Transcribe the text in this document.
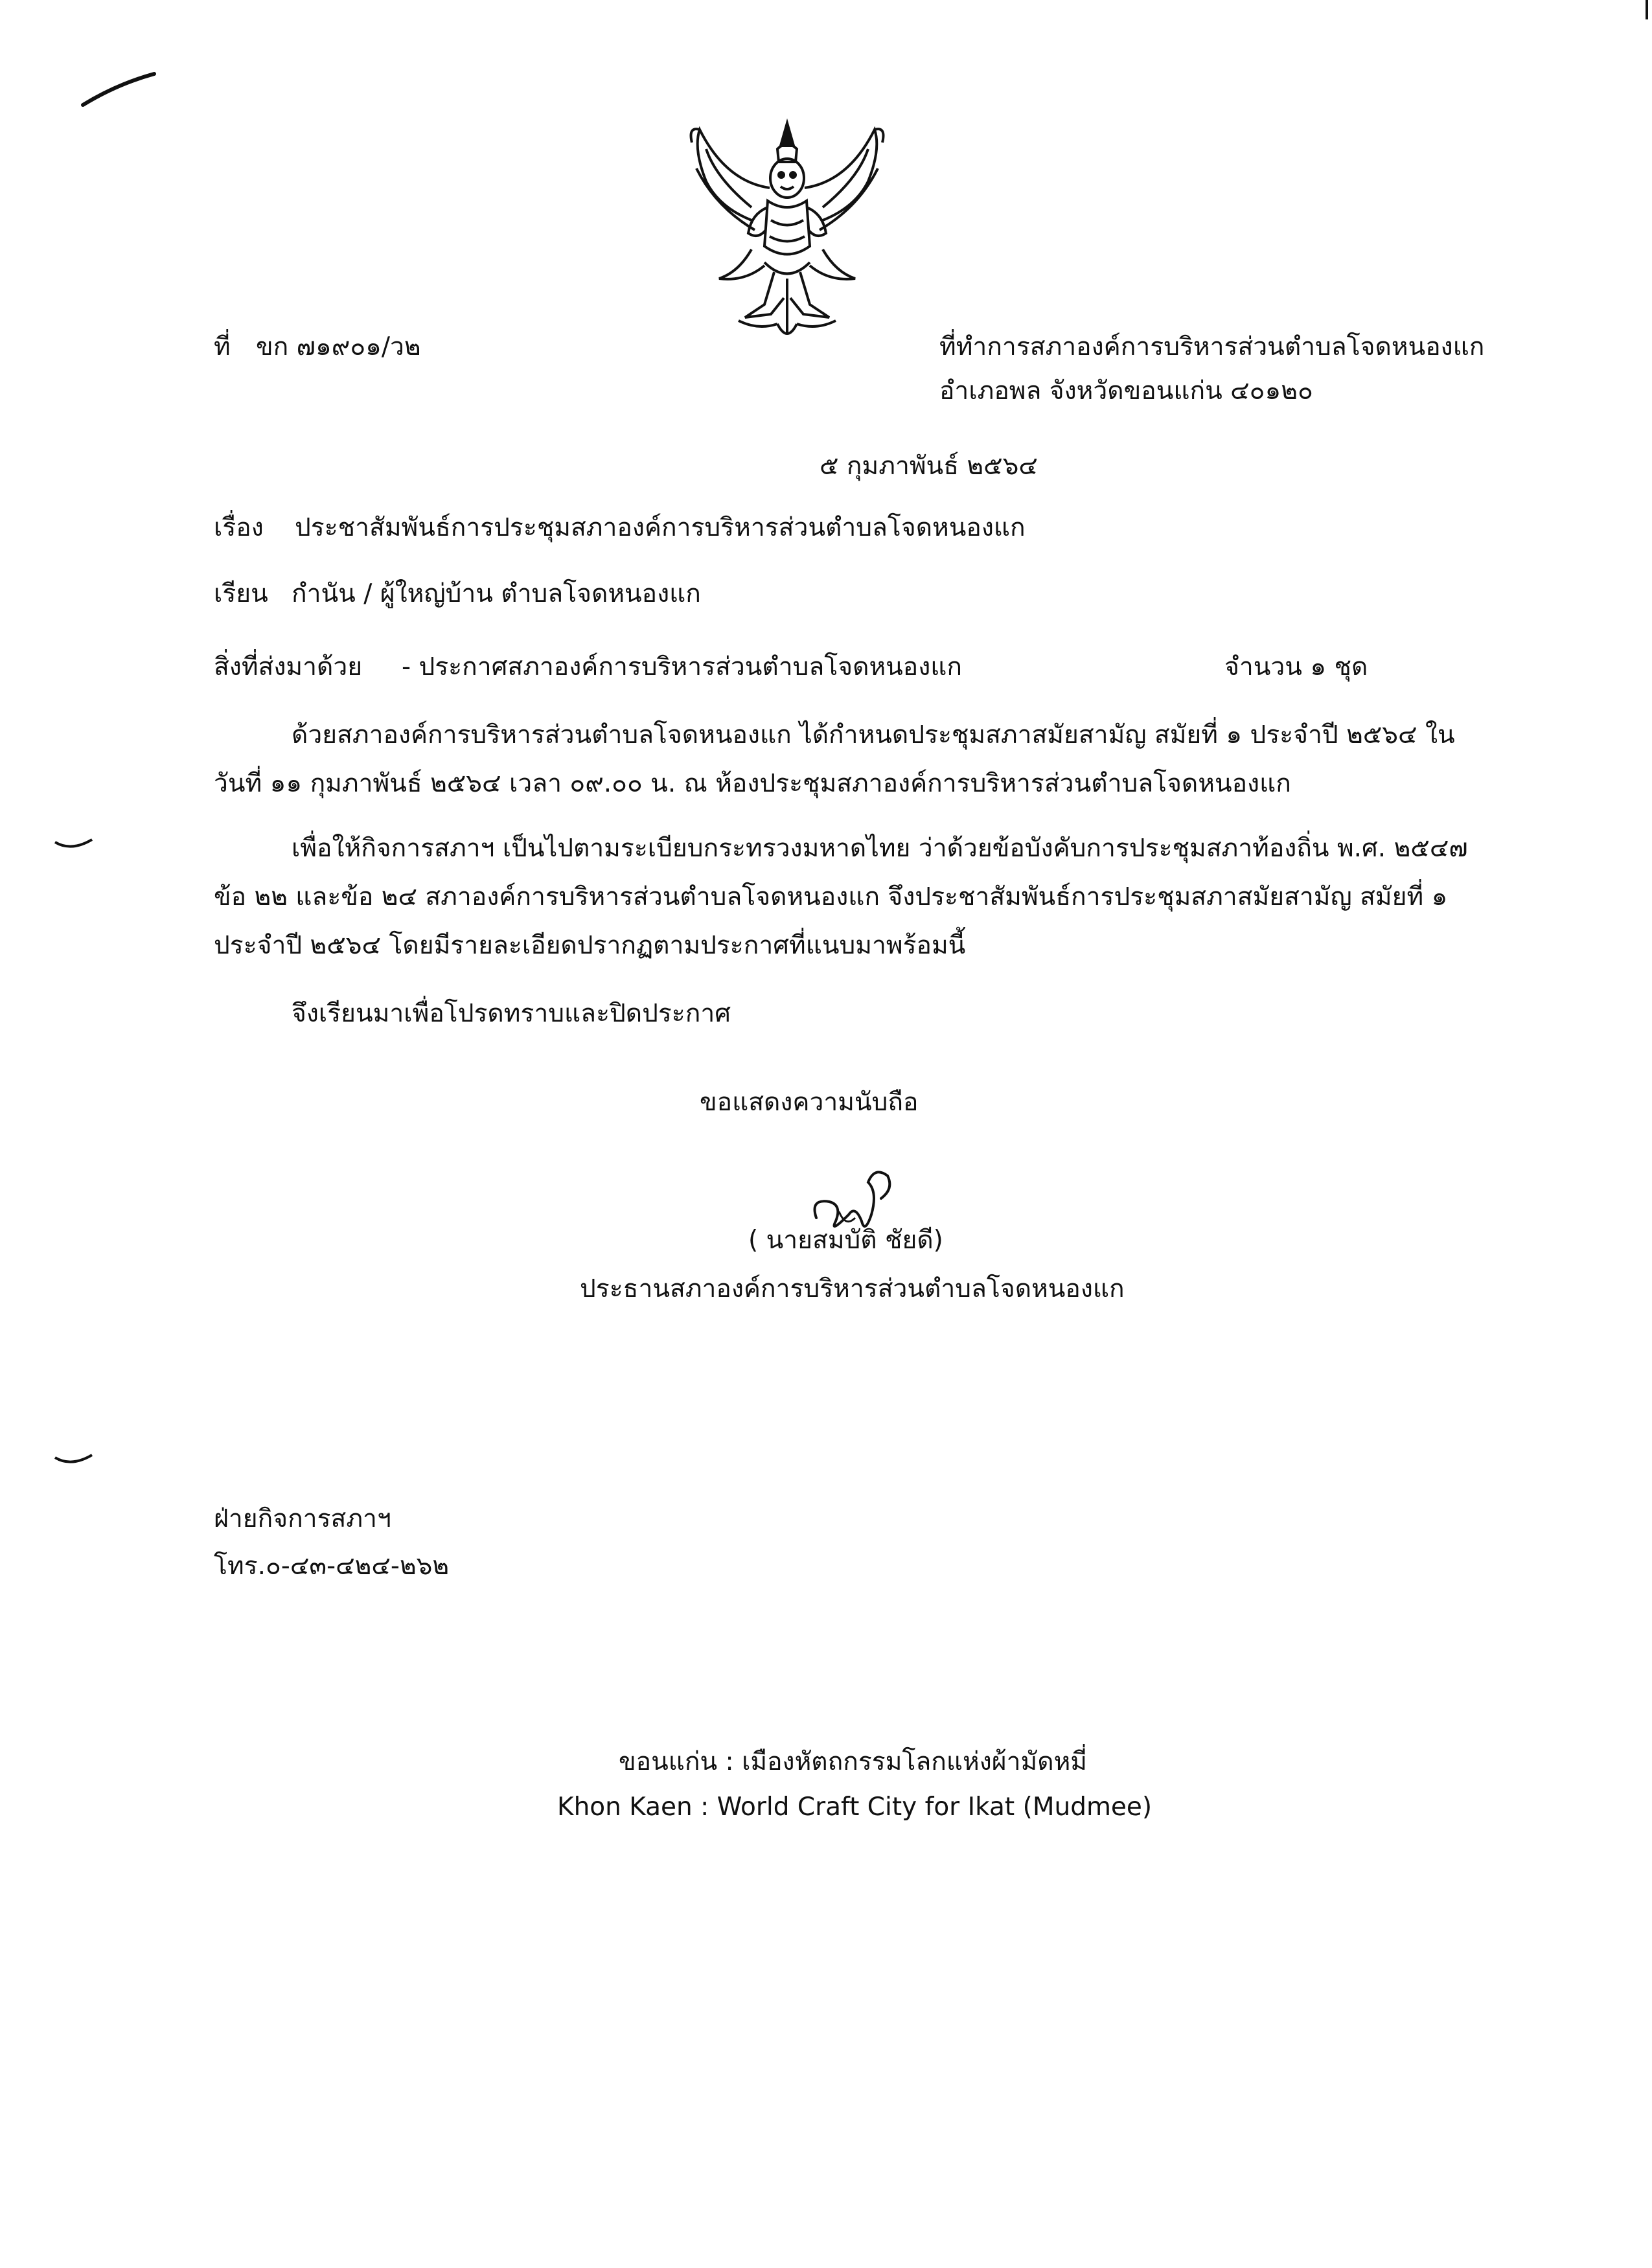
ที่ ขก ๗๑๙๐๑/ว๒	ที่ทำการสภาองค์การบริหารส่วนตำบลโจดหนองแก
อำเภอพล จังหวัดขอนแก่น ๔๐๑๒๐
๕ กุมภาพันธ์ ๒๕๖๔
เรื่อง ประชาสัมพันธ์การประชุมสภาองค์การบริหารส่วนตำบลโจดหนองแก
เรียน กำนัน / ผู้ใหญ่บ้าน ตำบลโจดหนองแก
สิ่งที่ส่งมาด้วย - ประกาศสภาองค์การบริหารส่วนตำบลโจดหนองแก	จำนวน ๑ ชุด
ด้วยสภาองค์การบริหารส่วนตำบลโจดหนองแก ได้กำหนดประชุมสภาสมัยสามัญ สมัยที่ ๑ ประจำปี ๒๕๖๔ ใน
วันที่ ๑๑ กุมภาพันธ์ ๒๕๖๔ เวลา ๐๙.๐๐ น. ณ ห้องประชุมสภาองค์การบริหารส่วนตำบลโจดหนองแก
เพื่อให้กิจการสภาฯ เป็นไปตามระเบียบกระทรวงมหาดไทย ว่าด้วยข้อบังคับการประชุมสภาท้องถิ่น พ.ศ. ๒๕๔๗
ข้อ ๒๒ และข้อ ๒๔ สภาองค์การบริหารส่วนตำบลโจดหนองแก จึงประชาสัมพันธ์การประชุมสภาสมัยสามัญ สมัยที่ ๑
ประจำปี ๒๕๖๔ โดยมีรายละเอียดปรากฏตามประกาศที่แนบมาพร้อมนี้
จึงเรียนมาเพื่อโปรดทราบและปิดประกาศ
ขอแสดงความนับถือ
( นายสมบัติ ชัยดี)
ประธานสภาองค์การบริหารส่วนตำบลโจดหนองแก
ฝ่ายกิจการสภาฯ
โทร.๐-๔๓-๔๒๔-๒๖๒
ขอนแก่น : เมืองหัตถกรรมโลกแห่งผ้ามัดหมี่
Khon Kaen : World Craft City for Ikat (Mudmee)
